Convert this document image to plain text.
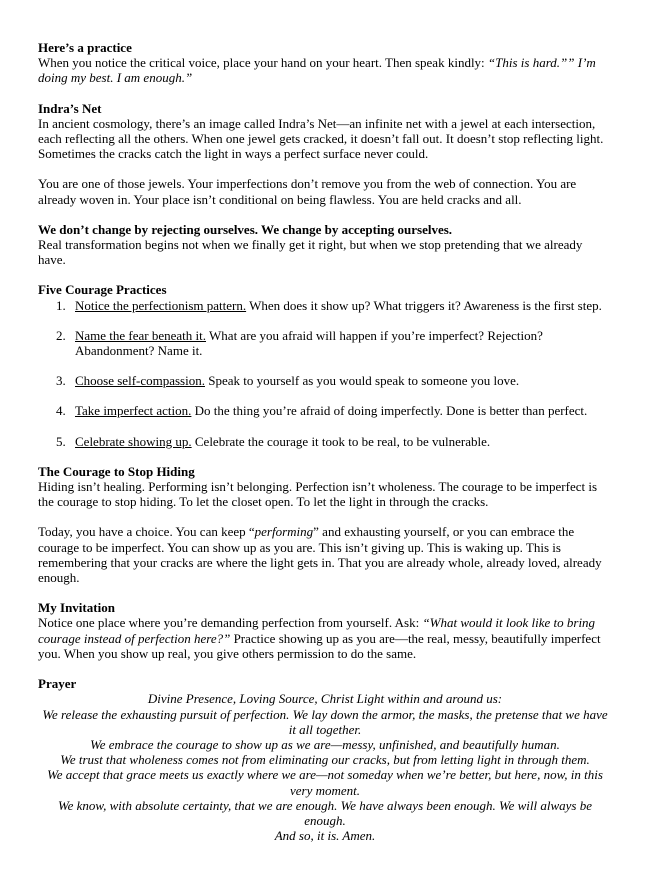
Here’s a practice

When you notice the critical voice, place your hand on your heart. Then speak kindly: “This is hard.”” I’m doing my best. I am enough.”

Indra’s Net

In ancient cosmology, there’s an image called Indra’s Net—an infinite net with a jewel at each intersection, each reflecting all the others. When one jewel gets cracked, it doesn’t fall out. It doesn’t stop reflecting light. Sometimes the cracks catch the light in ways a perfect surface never could.

You are one of those jewels. Your imperfections don’t remove you from the web of connection. You are already woven in. Your place isn’t conditional on being flawless. You are held cracks and all.

We don’t change by rejecting ourselves. We change by accepting ourselves.

Real transformation begins not when we finally get it right, but when we stop pretending that we already have.

Five Courage Practices
1. Notice the perfectionism pattern. When does it show up? What triggers it? Awareness is the first step.
2. Name the fear beneath it. What are you afraid will happen if you’re imperfect? Rejection? Abandonment? Name it.
3. Choose self-compassion. Speak to yourself as you would speak to someone you love.
4. Take imperfect action. Do the thing you’re afraid of doing imperfectly. Done is better than perfect.
5. Celebrate showing up. Celebrate the courage it took to be real, to be vulnerable.
The Courage to Stop Hiding

Hiding isn’t healing. Performing isn’t belonging. Perfection isn’t wholeness. The courage to be imperfect is the courage to stop hiding. To let the closet open. To let the light in through the cracks.

Today, you have a choice. You can keep “performing” and exhausting yourself, or you can embrace the courage to be imperfect. You can show up as you are. This isn’t giving up. This is waking up. This is remembering that your cracks are where the light gets in. That you are already whole, already loved, already enough.

My Invitation

Notice one place where you’re demanding perfection from yourself. Ask: “What would it look like to bring courage instead of perfection here?” Practice showing up as you are—the real, messy, beautifully imperfect you. When you show up real, you give others permission to do the same.

Prayer

Divine Presence, Loving Source, Christ Light within and around us:

We release the exhausting pursuit of perfection. We lay down the armor, the masks, the pretense that we have it all together.

We embrace the courage to show up as we are—messy, unfinished, and beautifully human.

We trust that wholeness comes not from eliminating our cracks, but from letting light in through them.

We accept that grace meets us exactly where we are—not someday when we’re better, but here, now, in this very moment.

We know, with absolute certainty, that we are enough. We have always been enough. We will always be enough.

And so, it is. Amen.
